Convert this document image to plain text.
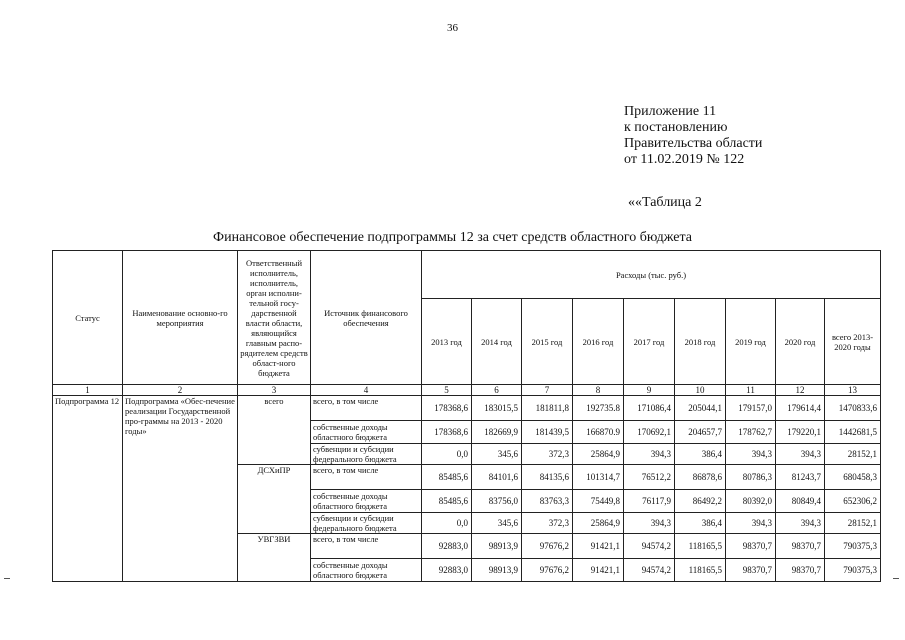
36
Приложение 11
к постановлению
Правительства области
от 11.02.2019 № 122
««Таблица 2
Финансовое обеспечение подпрограммы 12 за счет средств областного бюджета
Статус	Наименование основно-го мероприятия	Ответственный исполнитель, исполнитель, орган исполни-тельной госу-дарственной власти области, являющийся главным распо-рядителем средств област-ного бюджета	Источник финансового обеспечения	Расходы (тыс. руб.)								
				2013 год	2014 год	2015 год	2016 год	2017 год	2018 год	2019 год	2020 год	всего 2013-2020 годы
1	2	3	4	5	6	7	8	9	10	11	12	13
Подпрограмма 12	Подпрограмма «Обес-печение реализации Государственной про-граммы на 2013 - 2020 годы»	всего	всего, в том числе	178368,6	183015,5	181811,8	192735.8	171086,4	205044,1	179157,0	179614,4	1470833,6
			собственные доходы областного бюджета	178368,6	182669,9	181439,5	166870.9	170692,1	204657,7	178762,7	179220,1	1442681,5
			субвенции и субсидии федерального бюджета	0,0	345,6	372,3	25864,9	394,3	386,4	394,3	394,3	28152,1
		ДСХиПР	всего, в том числе	85485,6	84101,6	84135,6	101314,7	76512,2	86878,6	80786,3	81243,7	680458,3
			собственные доходы областного бюджета	85485,6	83756,0	83763,3	75449,8	76117,9	86492,2	80392,0	80849,4	652306,2
			субвенции и субсидии федерального бюджета	0,0	345,6	372,3	25864,9	394,3	386,4	394,3	394,3	28152,1
		УВГЗВИ	всего, в том числе	92883,0	98913,9	97676,2	91421,1	94574,2	118165,5	98370,7	98370,7	790375,3
			собственные доходы областного бюджета	92883,0	98913,9	97676,2	91421,1	94574,2	118165,5	98370,7	98370,7	790375,3
